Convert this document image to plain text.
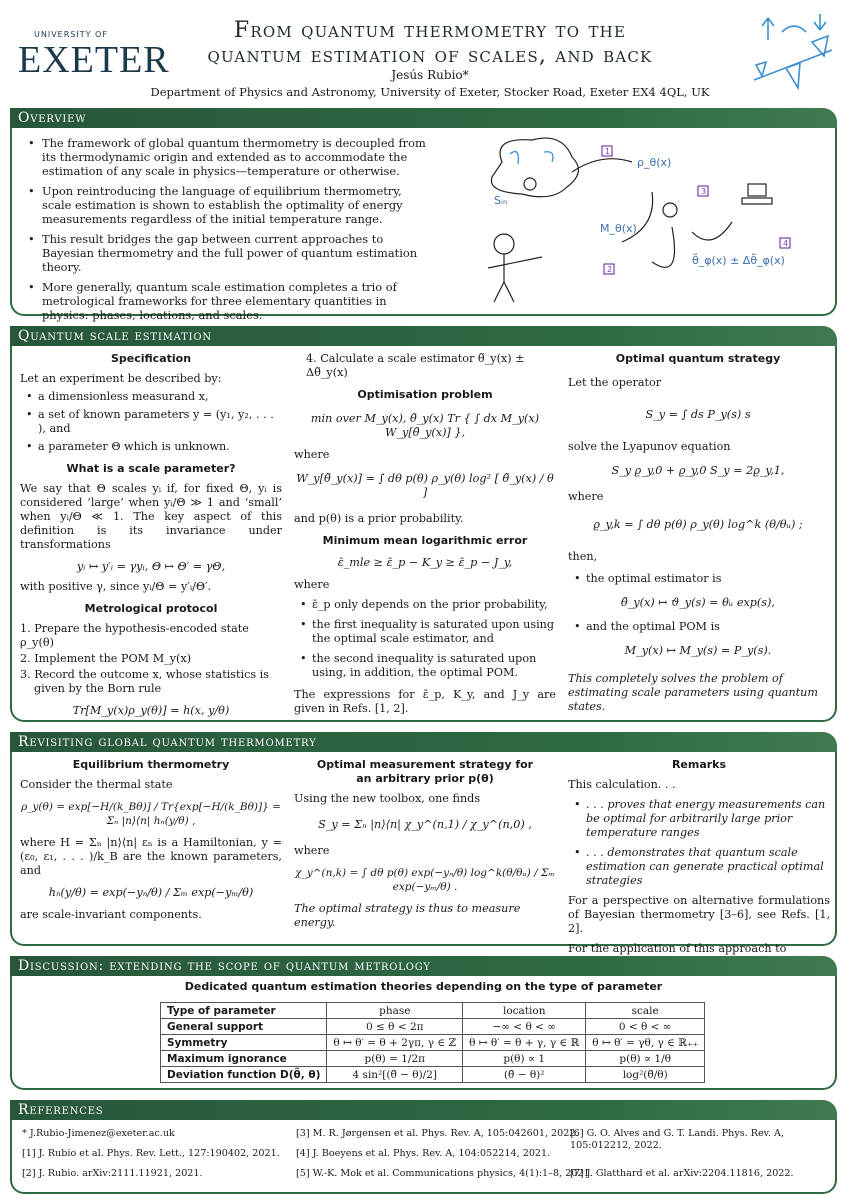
UNIVERSITY OF
EXETER
From quantum thermometry to the
quantum estimation of scales, and back
Jesús Rubio*
Department of Physics and Astronomy, University of Exeter, Stocker Road, Exeter EX4 4QL, UK
Overview

• The framework of global quantum thermometry is decoupled from its thermodynamic origin and extended as to accommodate the estimation of any scale in physics—temperature or otherwise.

• Upon reintroducing the language of equilibrium thermometry, scale estimation is shown to establish the optimality of energy measurements regardless of the initial temperature range.

• This result bridges the gap between current approaches to Bayesian thermometry and the full power of quantum estimation theory.

• More generally, quantum scale estimation completes a trio of metrological frameworks for three elementary quantities in physics: phases, locations, and scales.

Sᵢₙ
ρ_θ(x)
M_θ(x)
θ̃_φ(x) ± Δθ̃_φ(x)
1
2
3
4
Quantum scale estimation
Specification

Let an experiment be described by:

• a dimensionless measurand x,

• a set of known parameters y = (y₁, y₂, . . . ), and

• a parameter Θ which is unknown.

What is a scale parameter?

We say that Θ scales yᵢ if, for fixed Θ, yᵢ is considered ‘large’ when yᵢ/Θ ≫ 1 and ‘small’ when yᵢ/Θ ≪ 1. The key aspect of this definition is its invariance under transformations

yᵢ ↦ y′ᵢ = γyᵢ, Θ ↦ Θ′ = γΘ,

with positive γ, since yᵢ/Θ = y′ᵢ/Θ′.

Metrological protocol

1. Prepare the hypothesis-encoded state ρ_y(θ)

2. Implement the POM M_y(x)

3. Record the outcome x, whose statistics is given by the Born rule

Tr[M_y(x)ρ_y(θ)] = h(x, y/θ)

4. Calculate a scale estimator θ̃_y(x) ± Δθ̃_y(x)

Optimisation problem

min over M_y(x), θ̃_y(x) Tr { ∫ dx M_y(x) W_y[θ̃_y(x)] },

where

W_y[θ̃_y(x)] = ∫ dθ p(θ) ρ_y(θ) log² [ θ̃_y(x) / θ ]

and p(θ) is a prior probability.

Minimum mean logarithmic error

ε̄_mle ≥ ε̄_p − K_y ≥ ε̄_p − J_y,

where

• ε̄_p only depends on the prior probability,

• the first inequality is saturated upon using the optimal scale estimator, and

• the second inequality is saturated upon using, in addition, the optimal POM.

The expressions for ε̄_p, K_y, and J_y are given in Refs. [1, 2].

Optimal quantum strategy

Let the operator

S_y = ∫ ds P_y(s) s

solve the Lyapunov equation

S_y ϱ_y,0 + ϱ_y,0 S_y = 2ϱ_y,1,

where

ϱ_y,k = ∫ dθ p(θ) ρ_y(θ) log^k (θ/θᵤ) ;

then,

• the optimal estimator is

θ̃_y(x) ↦ ϑ_y(s) = θᵤ exp(s),

• and the optimal POM is

M_y(x) ↦ M_y(s) = P_y(s).

This completely solves the problem of estimating scale parameters using quantum states.

Revisiting global quantum thermometry
Equilibrium thermometry

Consider the thermal state

ρ_y(θ) = exp[−H/(k_Bθ)] / Tr{exp[−H/(k_Bθ)]} = Σₙ |n⟩⟨n| hₙ(y/θ) ,

where H = Σₙ |n⟩⟨n| εₙ is a Hamiltonian, y = (ε₀, ε₁, . . . )/k_B are the known parameters, and

hₙ(y/θ) = exp(−yₙ/θ) / Σₘ exp(−yₘ/θ)

are scale-invariant components.

Optimal measurement strategy for
an arbitrary prior p(θ)

Using the new toolbox, one finds

S_y = Σₙ |n⟩⟨n| χ_y^(n,1) / χ_y^(n,0) ,

where

χ_y^(n,k) = ∫ dθ p(θ) exp(−yₙ/θ) log^k(θ/θᵤ) / Σₘ exp(−yₘ/θ) .

The optimal strategy is thus to measure energy.

Remarks

This calculation. . .

• . . . proves that energy measurements can be optimal for arbitrarily large prior temperature ranges

• . . . demonstrates that quantum scale estimation can generate practical optimal strategies

For a perspective on alternative formulations of Bayesian thermometry [3–6], see Refs. [1, 2].

For the application of this approach to

Discussion: extending the scope of quantum metrology
Dedicated quantum estimation theories depending on the type of parameter
Type of parameter	phase	location	scale
General support	0 ≤ θ < 2π	−∞ < θ < ∞	0 < θ < ∞
Symmetry	θ ↦ θ′ = θ + 2γπ, γ ∈ ℤ	θ ↦ θ′ = θ + γ, γ ∈ ℝ	θ ↦ θ′ = γθ, γ ∈ ℝ₊₊
Maximum ignorance	p(θ) = 1/2π	p(θ) ∝ 1	p(θ) ∝ 1/θ
Deviation function D(θ̃, θ)	4 sin²[(θ̃ − θ)/2]	(θ̃ − θ)²	log²(θ̃/θ)
References
* J.Rubio-Jimenez@exeter.ac.uk
[1] J. Rubio et al. Phys. Rev. Lett., 127:190402, 2021.
[2] J. Rubio. arXiv:2111.11921, 2021.
[3] M. R. Jørgensen et al. Phys. Rev. A, 105:042601, 2022.
[4] J. Boeyens et al. Phys. Rev. A, 104:052214, 2021.
[5] W.-K. Mok et al. Communications physics, 4(1):1–8, 2021.
[6] G. O. Alves and G. T. Landi. Phys. Rev. A, 105:012212, 2022.
[7] J. Glatthard et al. arXiv:2204.11816, 2022.
